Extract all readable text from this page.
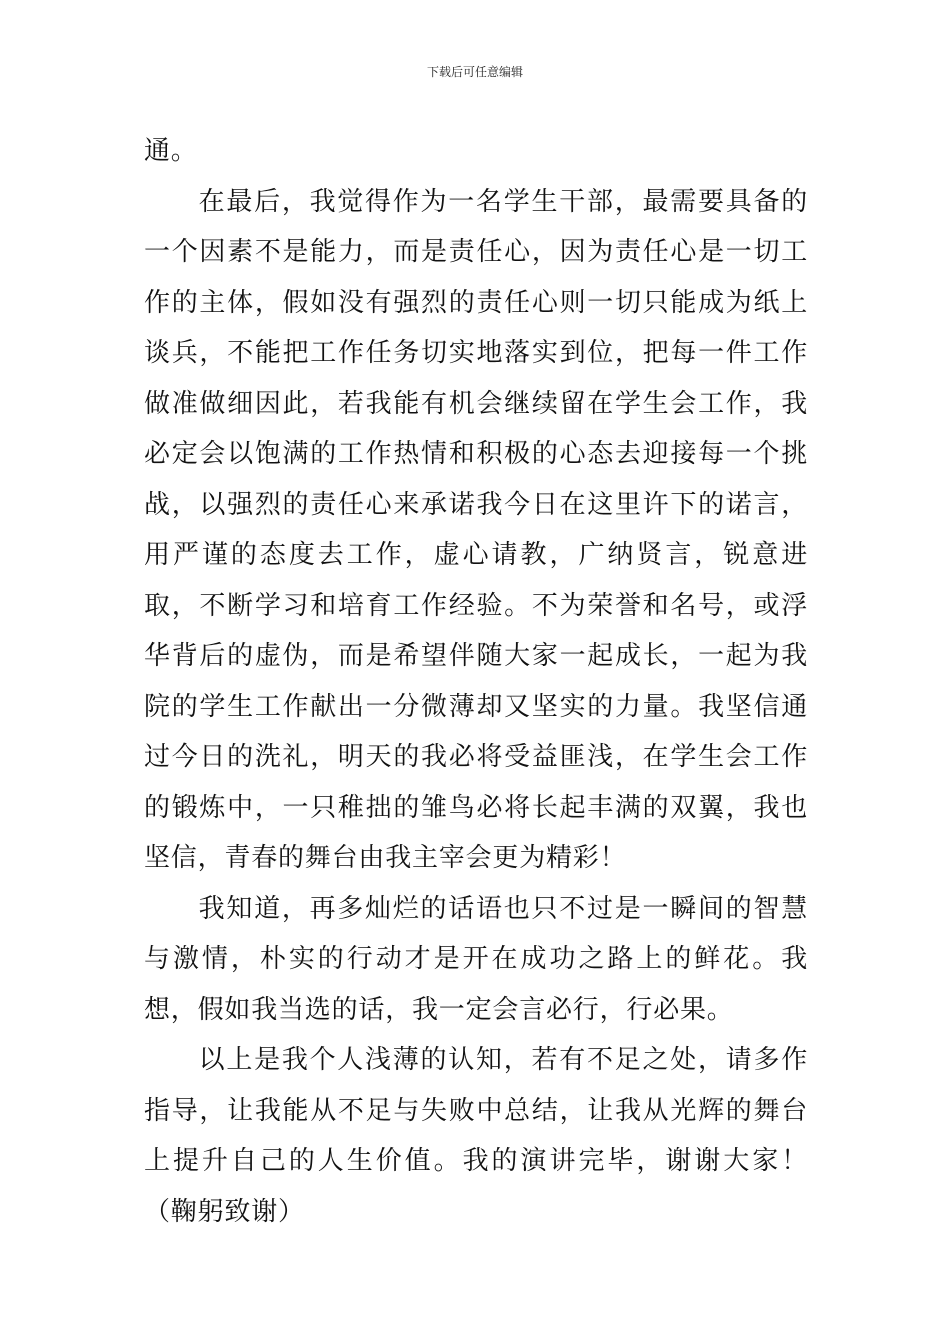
下载后可任意编辑

通。

在最后，我觉得作为一名学生干部，最需要具备的一个因素不是能力，而是责任心，因为责任心是一切工作的主体，假如没有强烈的责任心则一切只能成为纸上谈兵，不能把工作任务切实地落实到位，把每一件工作做准做细因此，若我能有机会继续留在学生会工作，我必定会以饱满的工作热情和积极的心态去迎接每一个挑战，以强烈的责任心来承诺我今日在这里许下的诺言，用严谨的态度去工作，虚心请教，广纳贤言，锐意进取，不断学习和培育工作经验。不为荣誉和名号，或浮华背后的虚伪，而是希望伴随大家一起成长，一起为我院的学生工作献出一分微薄却又坚实的力量。我坚信通过今日的洗礼，明天的我必将受益匪浅，在学生会工作的锻炼中，一只稚拙的雏鸟必将长起丰满的双翼，我也坚信，青春的舞台由我主宰会更为精彩！

我知道，再多灿烂的话语也只不过是一瞬间的智慧与激情，朴实的行动才是开在成功之路上的鲜花。我想，假如我当选的话，我一定会言必行，行必果。

以上是我个人浅薄的认知，若有不足之处，请多作指导，让我能从不足与失败中总结，让我从光辉的舞台上提升自己的人生价值。我的演讲完毕，谢谢大家！（鞠躬致谢）
